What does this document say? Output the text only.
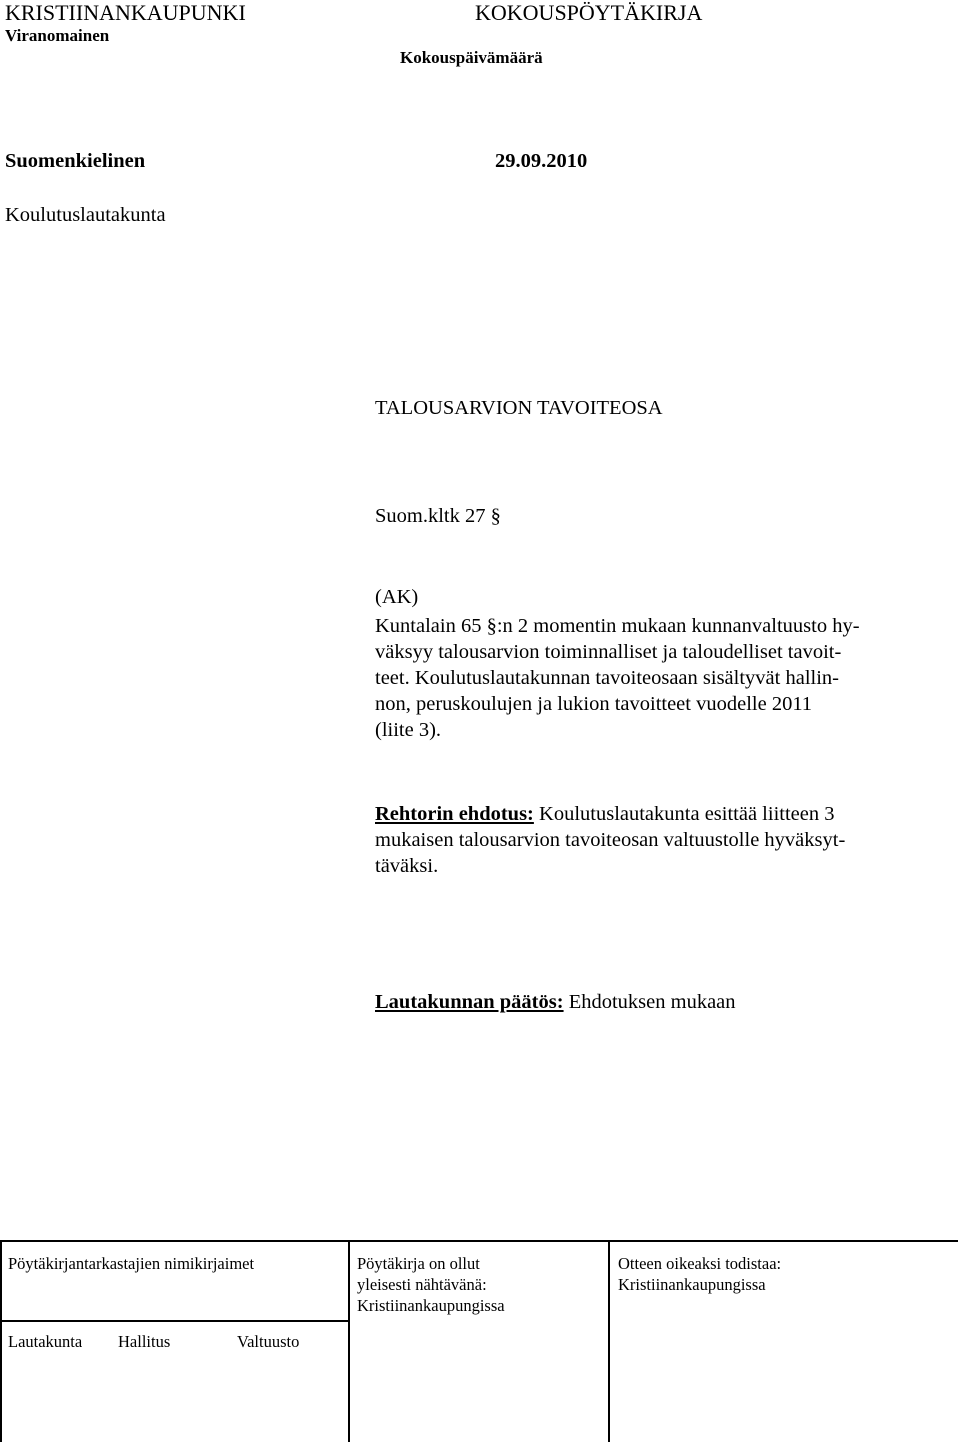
KRISTIINANKAUPUNKI
Viranomainen
KOKOUSPÖYTÄKIRJA
Kokouspäivämäärä
Suomenkielinen	29.09.2010
Koulutuslautakunta
TALOUSARVION TAVOITEOSA
Suom.kltk 27 §
(AK)
Kuntalain 65 §:n 2 momentin mukaan kunnanvaltuusto hy-
väksyy talousarvion toiminnalliset ja taloudelliset tavoit-
teet. Koulutuslautakunnan tavoiteosaan sisältyvät hallin-
non, peruskoulujen ja lukion tavoitteet vuodelle 2011
(liite 3).
Rehtorin ehdotus: Koulutuslautakunta esittää liitteen 3
mukaisen talousarvion tavoiteosan valtuustolle hyväksyt-
täväksi.
Lautakunnan päätös: Ehdotuksen mukaan
Pöytäkirjantarkastajien nimikirjaimet	Pöytäkirja on ollut
yleisesti nähtävänä:
Kristiinankaupungissa
Otteen oikeaksi todistaa:
Kristiinankaupungissa
Lautakunta Hallitus	Valtuusto
